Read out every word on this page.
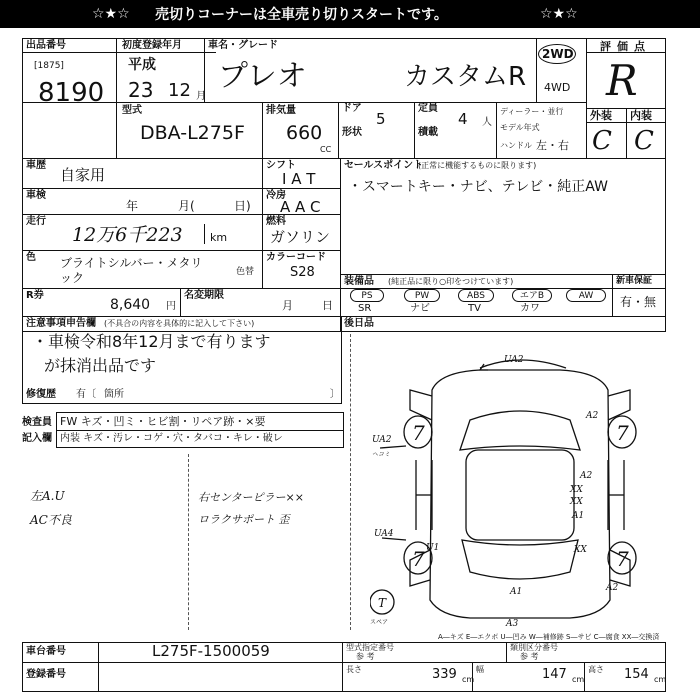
☆★☆ 売切りコーナーは全車売り切りスタートです。	☆★☆
出品番号
[1875]
8190
初度登録年月
平成
23 12 月
車名・グレード
プレオ	カスタムR
2WD
4WD
評価点
R
外装 内装
C C
型式
DBA-L275F
排気量
660
CC
ドア
5
形状
定員
4 人
積載
ディーラー・並行
モデル年式
ハンドル 左・右
車歴
自家用
シフト
I A T
車検
年	月(	日)
冷房
A A C
走行
12万6千223 km
燃料
ガソリン
色 ブライトシルバー・メタリ
ック	色替
カラーコード
S28
R券
8,640 円
名変期限
月	日
セールスポイント
(正常に機能するものに限ります)
・スマートキー・ナビ、テレビ・純正AW
装備品 (純正品に限り○印をつけています)	新車保証
有・無
PS	PW	ABS	エアB	AW
SR	ナビ	TV	カワ
後日品
注意事項申告欄 (不具合の内容を具体的に記入して下さい)
・車検令和8年12月まで有ります
が抹消出品です
修復歴 有〔 箇所	〕
検査員
記入欄
FW キズ・凹ミ・ヒビ割・リペア跡・×要
内装 キズ・汚レ・コゲ・穴・タバコ・キレ・破レ
左A.U
AC不良
右センターピラー××
ロラクサポート 歪
UA2
A2
UA2
ヘコミ
A2
XX
XX
A1
UA4
U1
A1
A3
XX
A2
T
スペア
7	7
7	7
A―キズ E―エクボ U―凹み W―補修跡 S―サビ C―腐食 XX―交換済
車台番号	L275F-1500059
登録番号
型式指定番号
参 考
類別区分番号
参 考
長さ	339 cm
幅	147 cm
高さ 154 cm
